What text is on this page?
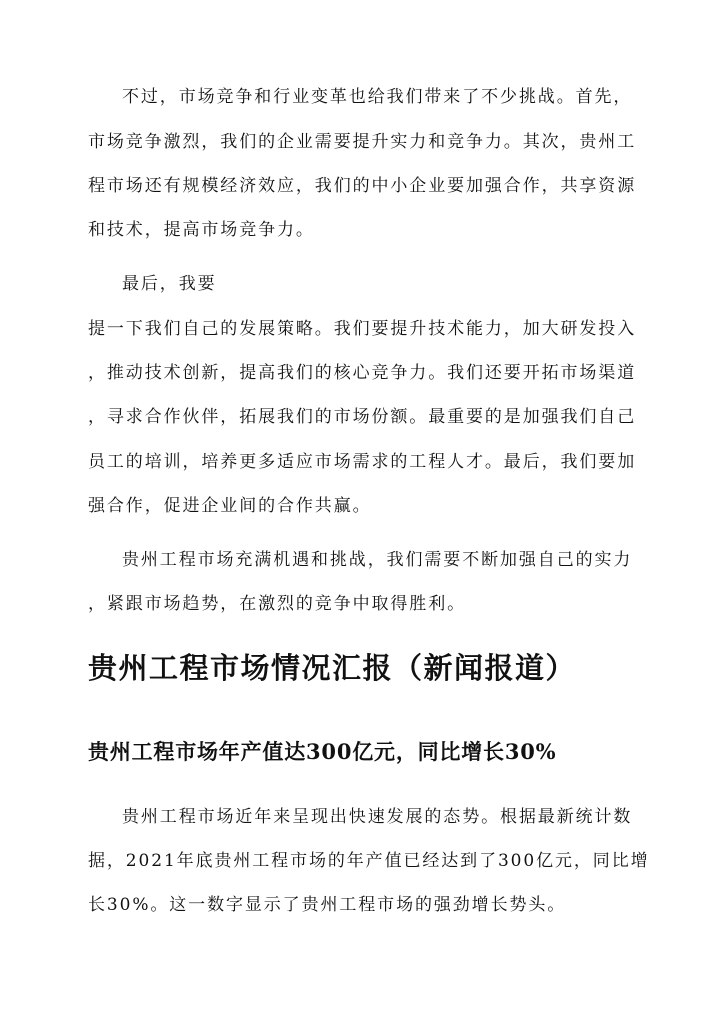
不过，市场竞争和行业变革也给我们带来了不少挑战。首先，
市场竞争激烈，我们的企业需要提升实力和竞争力。其次，贵州工
程市场还有规模经济效应，我们的中小企业要加强合作，共享资源
和技术，提高市场竞争力。
最后，我要
提一下我们自己的发展策略。我们要提升技术能力，加大研发投入
，推动技术创新，提高我们的核心竞争力。我们还要开拓市场渠道
，寻求合作伙伴，拓展我们的市场份额。最重要的是加强我们自己
员工的培训，培养更多适应市场需求的工程人才。最后，我们要加
强合作，促进企业间的合作共赢。
贵州工程市场充满机遇和挑战，我们需要不断加强自己的实力
，紧跟市场趋势，在激烈的竞争中取得胜利。
贵州工程市场情况汇报（新闻报道）
贵州工程市场年产值达300亿元，同比增长30%
贵州工程市场近年来呈现出快速发展的态势。根据最新统计数
据，2021年底贵州工程市场的年产值已经达到了300亿元，同比增
长30%。这一数字显示了贵州工程市场的强劲增长势头。
